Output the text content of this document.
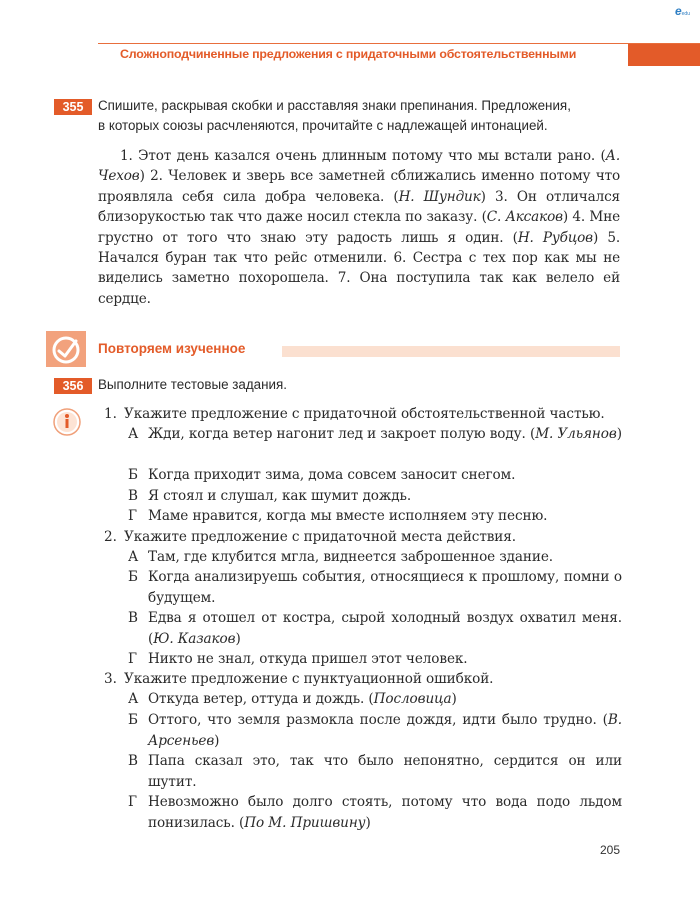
eedu
Сложноподчиненные предложения с придаточными обстоятельственными
355	Спишите, раскрывая скобки и расставляя знаки препинания. Предложения,
в которых союзы расчленяются, прочитайте с надлежащей интонацией.
1. Этот день казался очень длинным потому что мы встали рано. (А. Чехов) 2. Человек и зверь все заметней сближались именно потому что проявляла себя сила добра человека. (Н. Шундик) 3. Он отличался близорукостью так что даже носил стекла по заказу. (С. Аксаков) 4. Мне грустно от того что знаю эту радость лишь я один. (Н. Рубцов) 5. Начался буран так что рейс отменили. 6. Сестра с тех пор как мы не виделись заметно похорошела. 7. Она поступила так как велело ей сердце.
Повторяем изученное
356	Выполните тестовые задания.
1. Укажите предложение с придаточной обстоятельственной частью.
А Жди, когда ветер нагонит лед и закроет полую воду. (М. Ульянов)
Б Когда приходит зима, дома совсем заносит снегом.
В Я стоял и слушал, как шумит дождь.
Г Маме нравится, когда мы вместе исполняем эту песню.
2. Укажите предложение с придаточной места действия.
А Там, где клубится мгла, виднеется заброшенное здание.
Б Когда анализируешь события, относящиеся к прошлому, помни о будущем.
В Едва я отошел от костра, сырой холодный воздух охватил меня. (Ю. Казаков)
Г Никто не знал, откуда пришел этот человек.
3. Укажите предложение с пунктуационной ошибкой.
А Откуда ветер, оттуда и дождь. (Пословица)
Б Оттого, что земля размокла после дождя, идти было трудно. (В. Арсеньев)
В Папа сказал это, так что было непонятно, сердится он или шутит.
Г Невозможно было долго стоять, потому что вода подо льдом понизилась. (По М. Пришвину)
205
